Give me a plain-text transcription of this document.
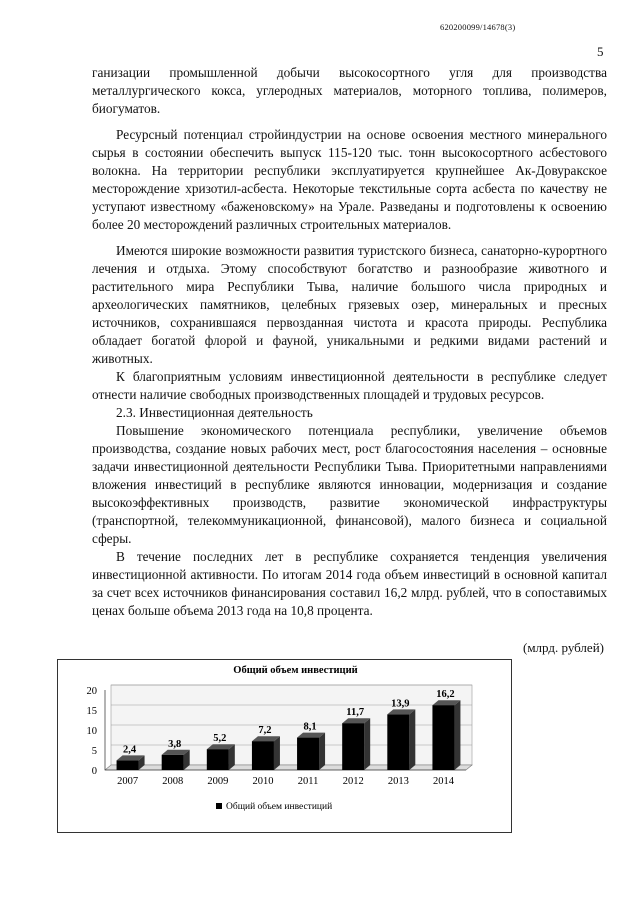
620200099/14678(3)
5

ганизации промышленной добычи высокосортного угля для производства металлургического кокса, углеродных материалов, моторного топлива, полимеров, биогуматов.

Ресурсный потенциал стройиндустрии на основе освоения местного минерального сырья в состоянии обеспечить выпуск 115-120 тыс. тонн высокосортного асбестового волокна. На территории республики эксплуатируется крупнейшее Ак-Довуракское месторождение хризотил-асбеста. Некоторые текстильные сорта асбеста по качеству не уступают известному «баженовскому» на Урале. Разведаны и подготовлены к освоению более 20 месторождений различных строительных материалов.

Имеются широкие возможности развития туристского бизнеса, санаторно-курортного лечения и отдыха. Этому способствуют богатство и разнообразие животного и растительного мира Республики Тыва, наличие большого числа природных и археологических памятников, целебных грязевых озер, минеральных и пресных источников, сохранившаяся первозданная чистота и красота природы. Республика обладает богатой флорой и фауной, уникальными и редкими видами растений и животных.

К благоприятным условиям инвестиционной деятельности в республике следует отнести наличие свободных производственных площадей и трудовых ресурсов.

2.3. Инвестиционная деятельность

Повышение экономического потенциала республики, увеличение объемов производства, создание новых рабочих мест, рост благосостояния населения – основные задачи инвестиционной деятельности Республики Тыва. Приоритетными направлениями вложения инвестиций в республике являются инновации, модернизация и создание высокоэффективных производств, развитие экономической инфраструктуры (транспортной, телекоммуникационной, финансовой), малого бизнеса и социальной сферы.

В течение последних лет в республике сохраняется тенденция увеличения инвестиционной активности. По итогам 2014 года объем инвестиций в основной капитал за счет всех источников финансирования составил 16,2 млрд. рублей, что в сопоставимых ценах больше объема 2013 года на 10,8 процента.

(млрд. рублей)
Общий объем инвестиций
0
5
10
15
20
2,4
2007
3,8
2008
5,2
2009
7,2
2010
8,1
2011
11,7
2012
13,9
2013
16,2
2014
Общий объем инвестиций
